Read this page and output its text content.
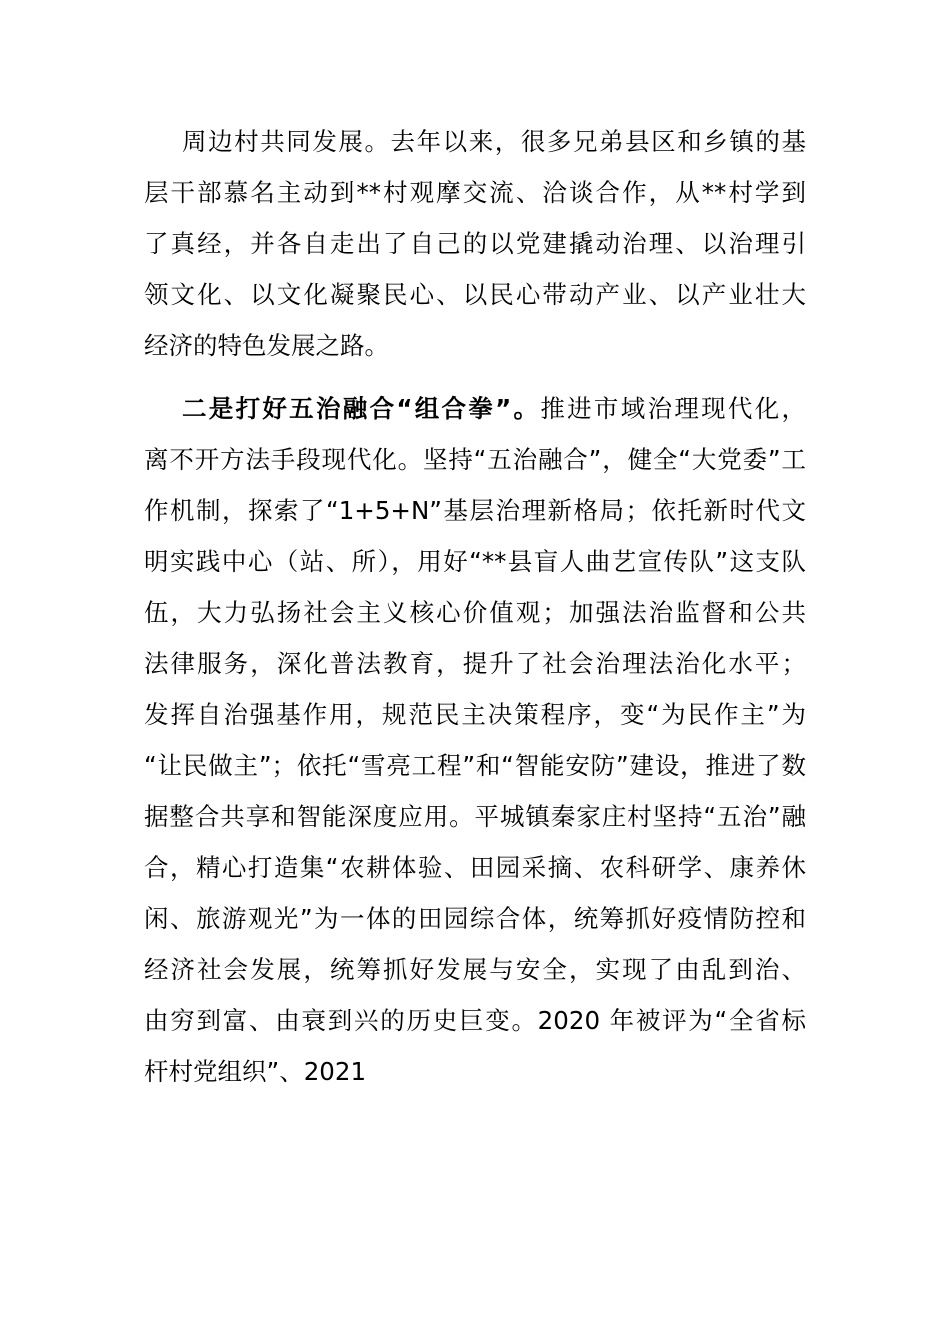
周边村共同发展。去年以来，很多兄弟县区和乡镇的基
层干部慕名主动到**村观摩交流、洽谈合作，从**村学到
了真经，并各自走出了自己的以党建撬动治理、以治理引
领文化、以文化凝聚民心、以民心带动产业、以产业壮大
经济的特色发展之路。
二是打好五治融合“组合拳”。推进市域治理现代化，
离不开方法手段现代化。坚持“五治融合”，健全“大党委”工
作机制，探索了“1+5+N”基层治理新格局；依托新时代文
明实践中心（站、所），用好“**县盲人曲艺宣传队”这支队
伍，大力弘扬社会主义核心价值观；加强法治监督和公共
法律服务，深化普法教育，提升了社会治理法治化水平；
发挥自治强基作用，规范民主决策程序，变“为民作主”为
“让民做主”；依托“雪亮工程”和“智能安防”建设，推进了数
据整合共享和智能深度应用。平城镇秦家庄村坚持“五治”融
合，精心打造集“农耕体验、田园采摘、农科研学、康养休
闲、旅游观光”为一体的田园综合体，统筹抓好疫情防控和
经济社会发展，统筹抓好发展与安全，实现了由乱到治、
由穷到富、由衰到兴的历史巨变。2020 年被评为“全省标
杆村党组织”、2021
